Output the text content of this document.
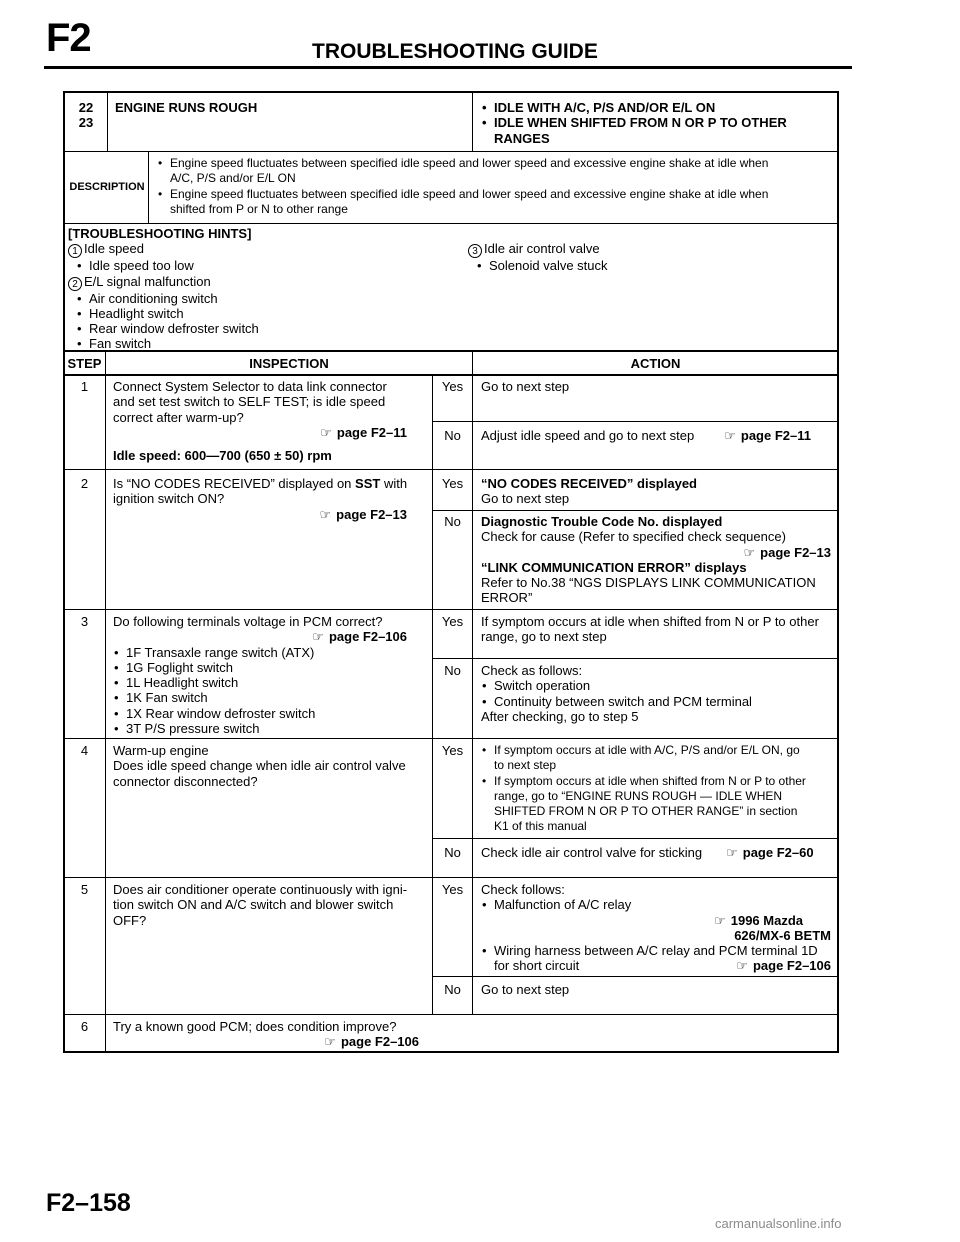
F2	TROUBLESHOOTING GUIDE
22
23
ENGINE RUNS ROUGH	• IDLE WITH A/C, P/S AND/OR E/L ON
• IDLE WHEN SHIFTED FROM N OR P TO OTHER
RANGES
DESCRIPTION
• Engine speed fluctuates between specified idle speed and lower speed and excessive engine shake at idle when
A/C, P/S and/or E/L ON
• Engine speed fluctuates between specified idle speed and lower speed and excessive engine shake at idle when
shifted from P or N to other range
[TROUBLESHOOTING HINTS]
1 Idle speed
• Idle speed too low
2 E/L signal malfunction
• Air conditioning switch
• Headlight switch
• Rear window defroster switch
• Fan switch
3 Idle air control valve
• Solenoid valve stuck
STEP	INSPECTION	ACTION
1	Connect System Selector to data link connector
and set test switch to SELF TEST; is idle speed
correct after warm-up?
☞ page F2–11
Idle speed: 600—700 (650 ± 50) rpm
Yes	Go to next step
No	Adjust idle speed and go to next step ☞ page F2–11
2	Is “NO CODES RECEIVED” displayed on SST with
ignition switch ON?
☞ page F2–13
Yes	“NO CODES RECEIVED” displayed
Go to next step
No	Diagnostic Trouble Code No. displayed
Check for cause (Refer to specified check sequence)
☞ page F2–13
“LINK COMMUNICATION ERROR” displays
Refer to No.38 “NGS DISPLAYS LINK COMMUNICATION
ERROR”
3	Do following terminals voltage in PCM correct?
☞ page F2–106
• 1F Transaxle range switch (ATX)
• 1G Foglight switch
• 1L Headlight switch
• 1K Fan switch
• 1X Rear window defroster switch
• 3T P/S pressure switch
Yes	If symptom occurs at idle when shifted from N or P to other
range, go to next step
No	Check as follows:
• Switch operation
• Continuity between switch and PCM terminal
After checking, go to step 5
4	Warm-up engine
Does idle speed change when idle air control valve
connector disconnected?
Yes	• If symptom occurs at idle with A/C, P/S and/or E/L ON, go
to next step
• If symptom occurs at idle when shifted from N or P to other
range, go to “ENGINE RUNS ROUGH — IDLE WHEN
SHIFTED FROM N OR P TO OTHER RANGE” in section
K1 of this manual
No	Check idle air control valve for sticking ☞ page F2–60
5	Does air conditioner operate continuously with igni-
tion switch ON and A/C switch and blower switch
OFF?
Yes	Check follows:
• Malfunction of A/C relay
☞ 1996 Mazda
626/MX-6 BETM
• Wiring harness between A/C relay and PCM terminal 1D
for short circuit	☞ page F2–106
No	Go to next step
6	Try a known good PCM; does condition improve?
☞ page F2–106
F2–158
carmanualsonline.info
